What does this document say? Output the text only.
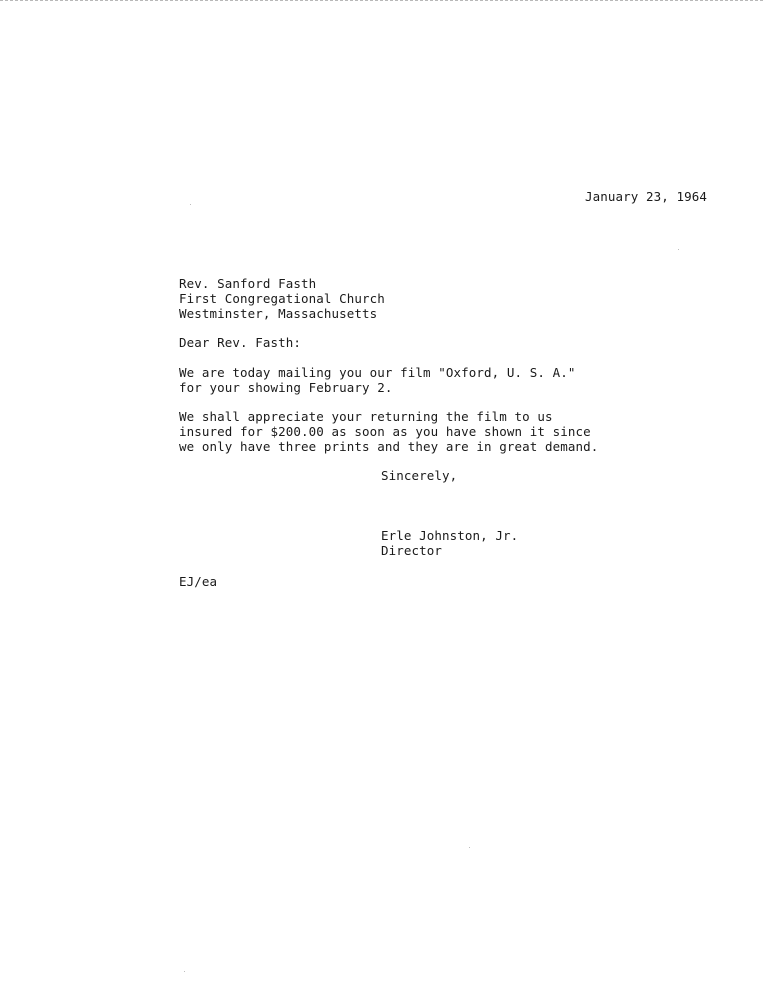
January 23, 1964
Rev. Sanford Fasth
First Congregational Church
Westminster, Massachusetts
Dear Rev. Fasth:
We are today mailing you our film "Oxford, U. S. A."
for your showing February 2.
We shall appreciate your returning the film to us
insured for $200.00 as soon as you have shown it since
we only have three prints and they are in great demand.
Sincerely,
Erle Johnston, Jr.
Director
EJ/ea
